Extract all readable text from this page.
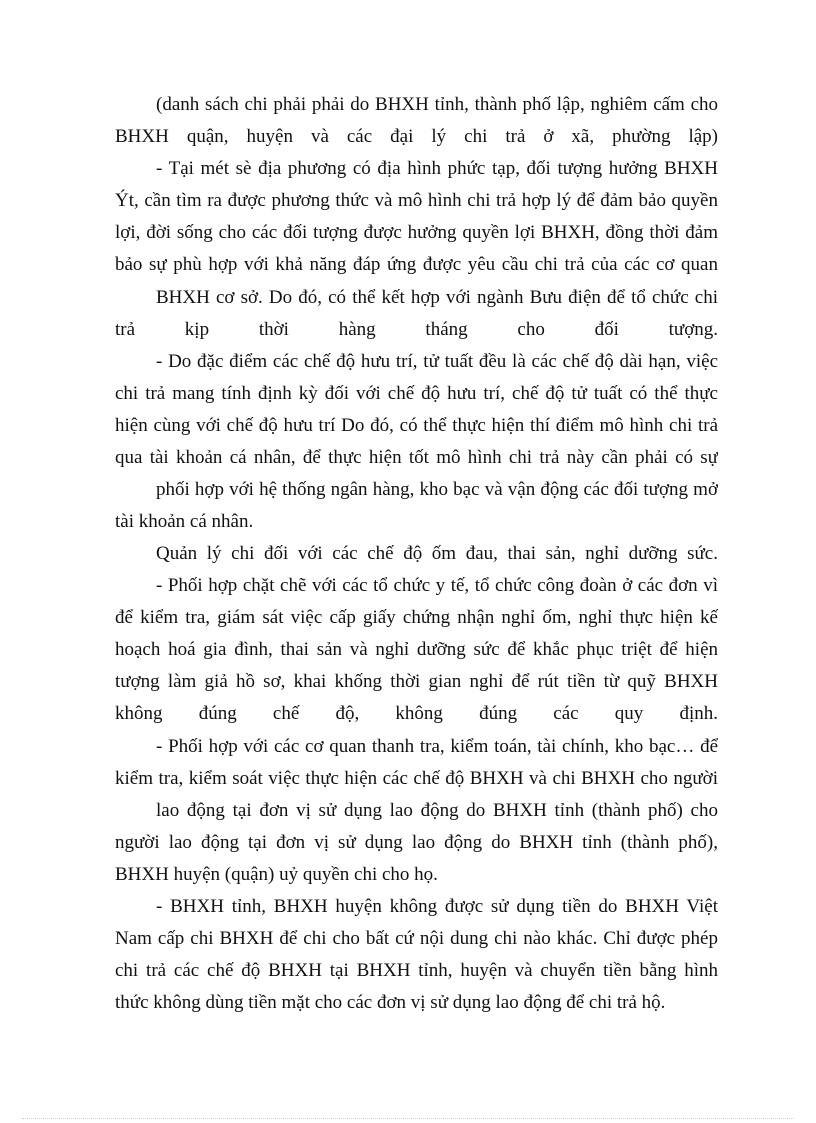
(danh sách chi phải phải do BHXH tỉnh, thành phố lập, nghiêm cấm cho
BHXH quận, huyện và các đại lý chi trả ở xã, phường lập)
- Tại mét sè địa phương có địa hình phức tạp, đối tượng hưởng BHXH
Ýt, cần tìm ra được phương thức và mô hình chi trả hợp lý để đảm bảo quyền
lợi, đời sống cho các đối tượng được hưởng quyền lợi BHXH, đồng thời đảm
bảo sự phù hợp với khả năng đáp ứng được yêu cầu chi trả của các cơ quan
BHXH cơ sở. Do đó, có thể kết hợp với ngành Bưu điện để tổ chức chi
trả kịp thời hàng tháng cho đối tượng.
- Do đặc điểm các chế độ hưu trí, tử tuất đều là các chế độ dài hạn, việc
chi trả mang tính định kỳ đối với chế độ hưu trí, chế độ tử tuất có thể thực
hiện cùng với chế độ hưu trí Do đó, có thể thực hiện thí điểm mô hình chi trả
qua tài khoản cá nhân, để thực hiện tốt mô hình chi trả này cần phải có sự
phối hợp với hệ thống ngân hàng, kho bạc và vận động các đối tượng mở
tài khoản cá nhân.
Quản lý chi đối với các chế độ ốm đau, thai sản, nghỉ dưỡng sức.
- Phối hợp chặt chẽ với các tổ chức y tế, tổ chức công đoàn ở các đơn vì
để kiểm tra, giám sát việc cấp giấy chứng nhận nghỉ ốm, nghỉ thực hiện kế
hoạch hoá gia đình, thai sản và nghỉ dưỡng sức để khắc phục triệt để hiện
tượng làm giả hồ sơ, khai khống thời gian nghỉ để rút tiền từ quỹ BHXH
không đúng chế độ, không đúng các quy định.
- Phối hợp với các cơ quan thanh tra, kiểm toán, tài chính, kho bạc… để
kiểm tra, kiểm soát việc thực hiện các chế độ BHXH và chi BHXH cho người
lao động tại đơn vị sử dụng lao động do BHXH tỉnh (thành phố) cho
người lao động tại đơn vị sử dụng lao động do BHXH tỉnh (thành phố),
BHXH huyện (quận) uỷ quyền chi cho họ.
- BHXH tỉnh, BHXH huyện không được sử dụng tiền do BHXH Việt
Nam cấp chi BHXH để chi cho bất cứ nội dung chi nào khác. Chỉ được phép
chi trả các chế độ BHXH tại BHXH tỉnh, huyện và chuyển tiền bằng hình
thức không dùng tiền mặt cho các đơn vị sử dụng lao động để chi trả hộ.
